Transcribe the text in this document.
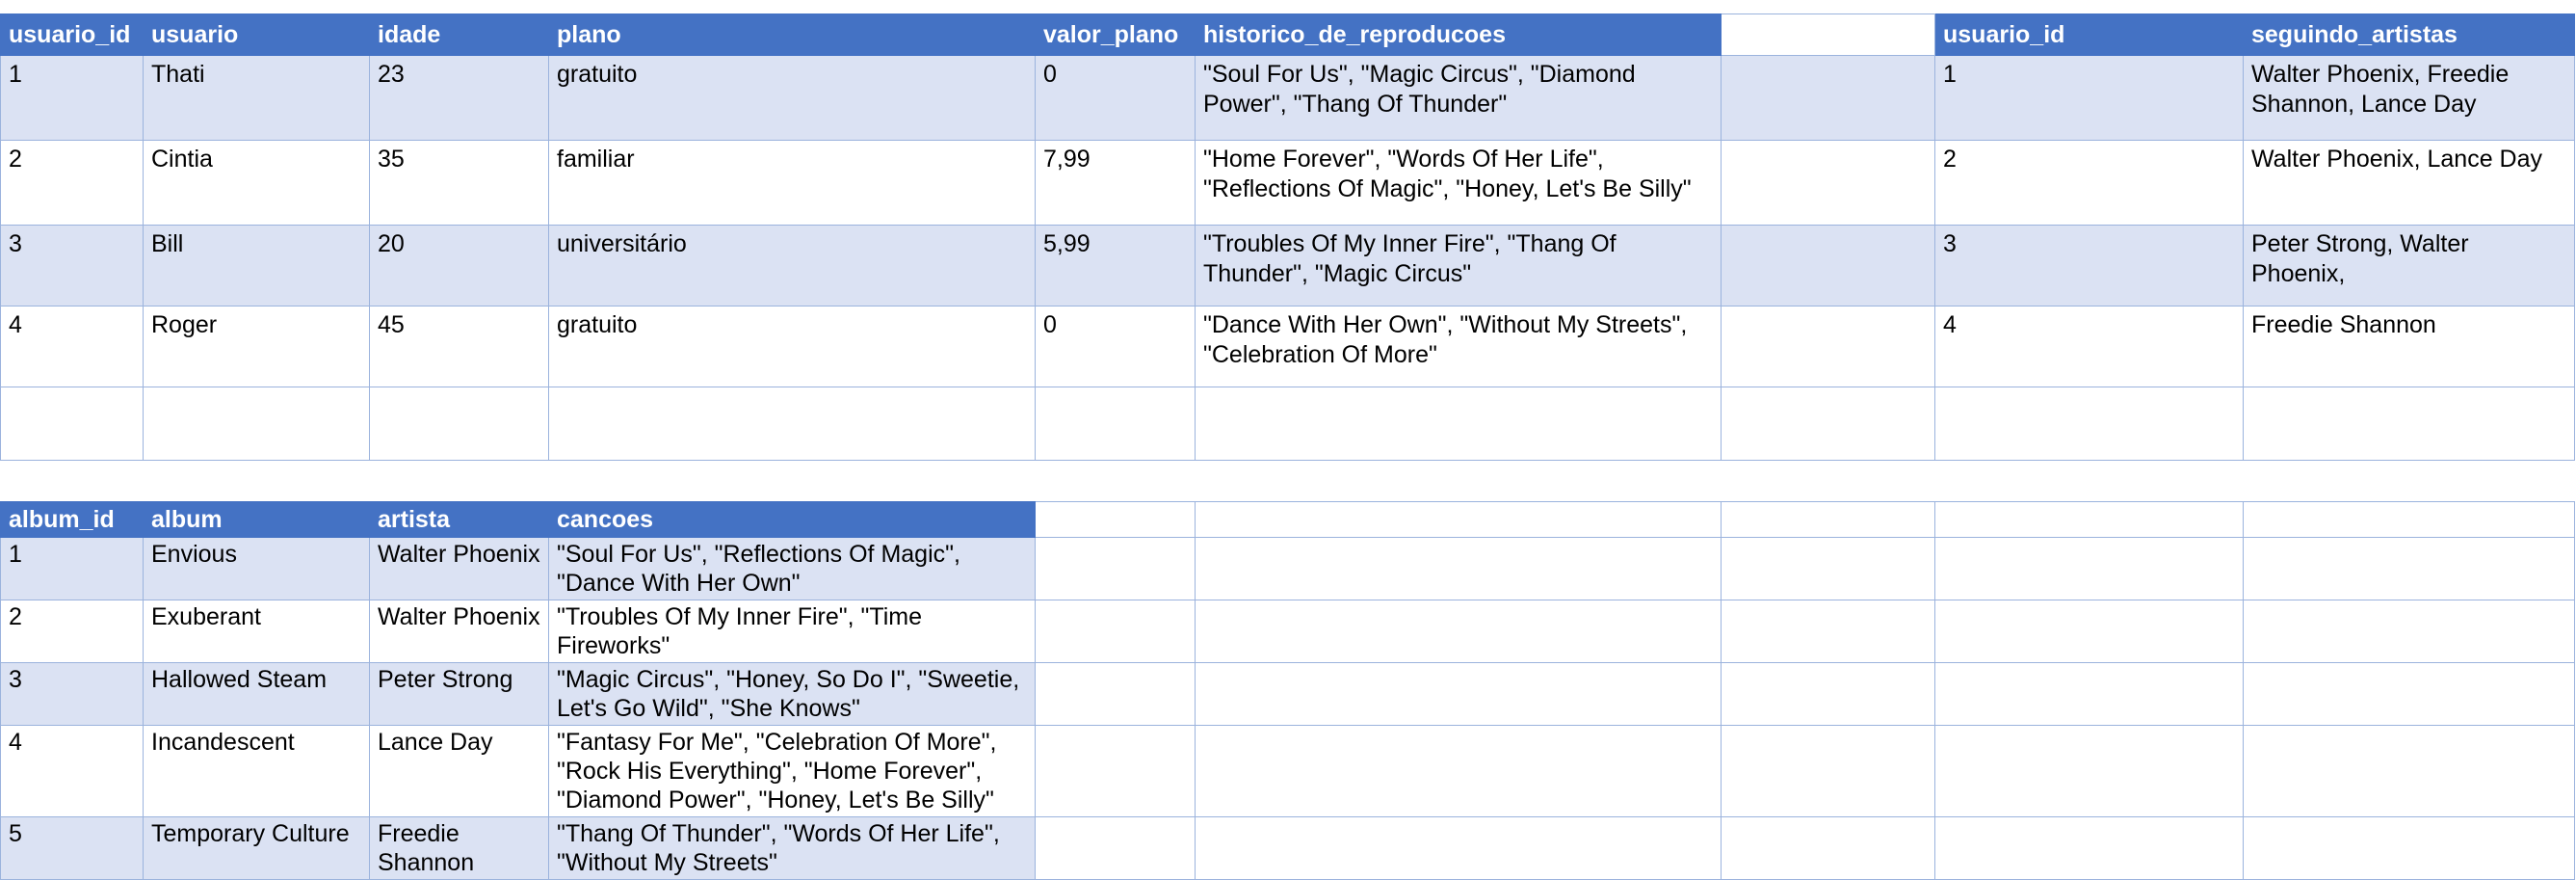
usuario_id	usuario	idade	plano	valor_plano	historico_de_reproducoes		usuario_id	seguindo_artistas
1	Thati	23	gratuito	0	"Soul For Us", "Magic Circus", "Diamond Power", "Thang Of Thunder"		1	Walter Phoenix, Freedie Shannon, Lance Day
2	Cintia	35	familiar	7,99	"Home Forever", "Words Of Her Life", "Reflections Of Magic", "Honey, Let's Be Silly"		2	Walter Phoenix, Lance Day
3	Bill	20	universitário	5,99	"Troubles Of My Inner Fire", "Thang Of Thunder", "Magic Circus"		3	Peter Strong, Walter Phoenix,
4	Roger	45	gratuito	0	"Dance With Her Own", "Without My Streets", "Celebration Of More"		4	Freedie Shannon

album_id	album	artista	cancoes					
1	Envious	Walter Phoenix	"Soul For Us", "Reflections Of Magic", "Dance With Her Own"					
2	Exuberant	Walter Phoenix	"Troubles Of My Inner Fire", "Time Fireworks"					
3	Hallowed Steam	Peter Strong	"Magic Circus", "Honey, So Do I", "Sweetie, Let's Go Wild", "She Knows"					
4	Incandescent	Lance Day	"Fantasy For Me", "Celebration Of More", "Rock His Everything", "Home Forever", "Diamond Power", "Honey, Let's Be Silly"					
5	Temporary Culture	Freedie Shannon	"Thang Of Thunder", "Words Of Her Life", "Without My Streets"					
